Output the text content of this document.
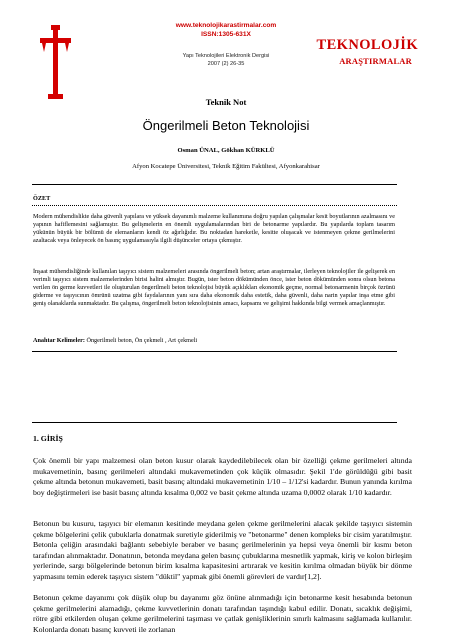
www.teknolojikarastirmalar.com
ISSN:1305-631X
Yapı Teknolojileri Elektronik Dergisi
2007 (2) 26-35
TEKNOLOJİK
ARAŞTIRMALAR
Teknik Not
Öngerilmeli Beton Teknolojisi
Osman ÜNAL, Gökhan KÜRKLÜ
Afyon Kocatepe Üniversitesi, Teknik Eğitim Fakültesi, Afyonkarahisar
ÖZET
Modern mühendislikte daha güvenli yapılara ve yüksek dayanımlı malzeme kullanımına doğru yapılan çalışmalar kesit boyutlarının azalmasını ve yapının hafiflemesini sağlamıştır. Bu gelişmelerin en önemli uygulamalarından biri de betonarme yapılardır. Bu yapılarda toplam tasarım yükünün büyük bir bölümü de elemanların kendi öz ağırlığıdır. Bu noktadan hareketle, kesitte oluşacak ve istenmeyen çekme gerilmelerini azaltacak veya önleyecek ön basınç uygulamasıyla ilgili düşünceler ortaya çıkmıştır.
İnşaat mühendisliğinde kullanılan taşıyıcı sistem malzemeleri arasında öngerilmeli beton; artan araştırmalar, ilerleyen teknolojiler ile gelişerek en verimli taşıyıcı sistem malzemelerinden birisi halini almıştır. Bugün, ister beton dökümünden önce, ister beton dökümünden sonra olsun betona verilen ön germe kuvvetleri ile oluşturulan öngerilmeli beton teknolojisi büyük açıklıkları ekonomik geçme, normal betonarmenin birçok özrünü giderme ve taşıyıcının ömrünü uzatma gibi faydalarının yanı sıra daha ekonomik daha estetik, daha güvenli, daha narin yapılar inşa etme gibi geniş olanaklarda sunmaktadır. Bu çalışma, öngerilmeli beton teknolojisinin amacı, kapsamı ve gelişimi hakkında bilgi vermek amaçlanmıştır.
Anahtar Kelimeler: Öngerilmeli beton, Ön çekmeli , Art çekmeli
1. GİRİŞ
Çok önemli bir yapı malzemesi olan beton kusur olarak kaydedilebilecek olan bir özelliği çekme gerilmeleri altında mukavemetinin, basınç gerilmeleri altındaki mukavemetinden çok küçük olmasıdır. Şekil 1'de görüldüğü gibi basit çekme altında betonun mukavemeti, basit basınç altındaki mukavemetinin 1/10 – 1/12'si kadardır. Bunun yanında kırılma boy değiştirmeleri ise basit basınç altında kısalma 0,002 ve basit çekme altında uzama 0,0002 olarak 1/10 kadardır.
Betonun bu kusuru, taşıyıcı bir elemanın kesitinde meydana gelen çekme gerilmelerini alacak şekilde taşıyıcı sistemin çekme bölgelerini çelik çubuklarla donatmak suretiyle giderilmiş ve "betonarme" denen kompleks bir cisim yaratılmıştır. Betonla çeliğin arasındaki bağlantı sebebiyle beraber ve basınç gerilmelerinin ya hepsi veya önemli bir kısmı beton tarafından alınmaktadır. Donatının, betonda meydana gelen basınç çubuklarına mesnetlik yapmak, kiriş ve kolon birleşim yerlerinde, sargı bölgelerinde betonun birim kısalma kapasitesini artırarak ve kesitin kırılma olmadan büyük bir dönme yapmasını temin ederek taşıyıcı sistem "düktil" yapmak gibi önemli görevleri de vardır[1,2].
Betonun çekme dayanımı çok düşük olup bu dayanımı göz önüne alınmadığı için betonarme kesit hesabında betonun çekme gerilmelerini alamadığı, çekme kuvvetlerinin donatı tarafından taşındığı kabul edilir. Donatı, sıcaklık değişimi, rötre gibi etkilerden oluşan çekme gerilmelerini taşıması ve çatlak genişliklerinin sınırlı kalmasını sağlamada kullanılır. Kolonlarda donatı basınç kuvveti ile zorlanan
